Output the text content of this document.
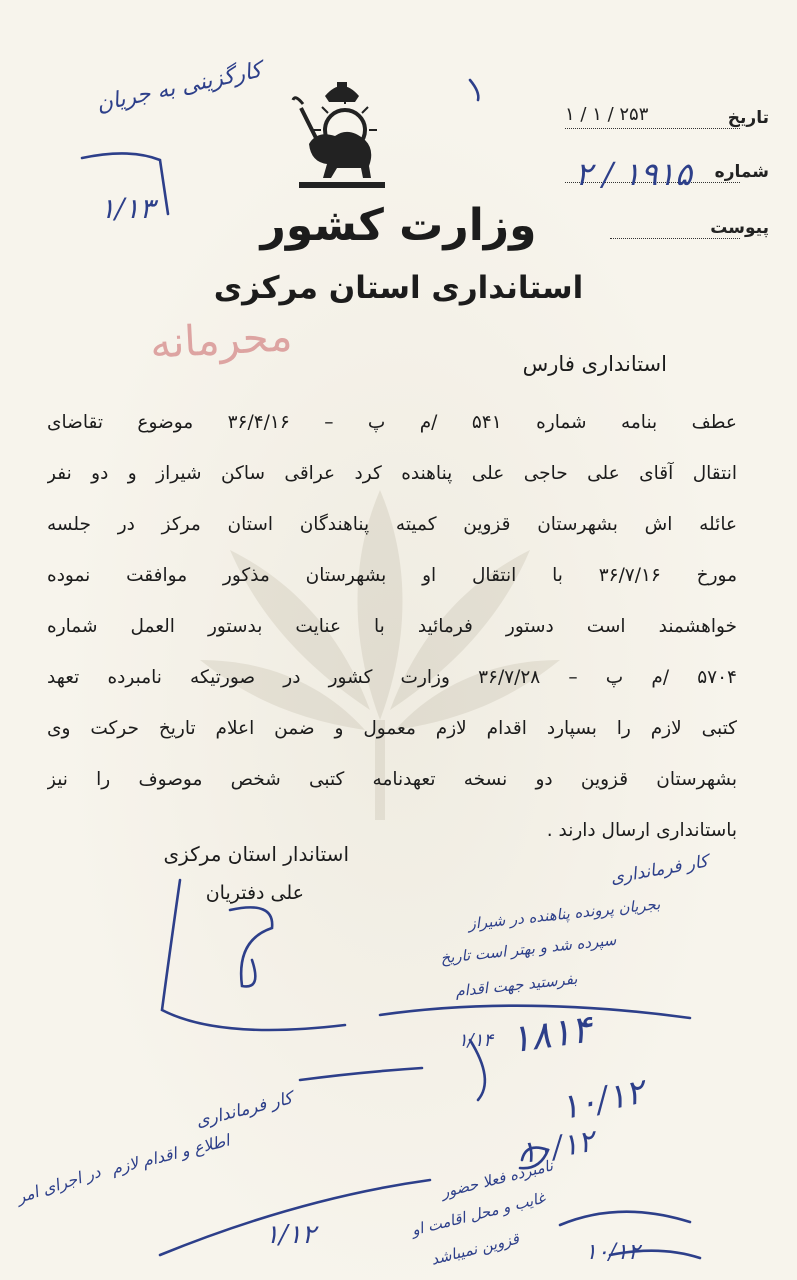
تاریخ
۲۵۳ / ۱ / ۱
شماره
۱۹۱۵ / ۲
پیوست
وزارت کشور
استانداری استان مرکزی
محرمانه	استانداری فارس
عطف بنامه شماره ۵۴۱ /م پ – ۳۶/۴/۱۶ موضوع تقاضای
انتقال آقای علی حاجی علی پناهنده کرد عراقی ساکن شیراز و دو نفر
عائله اش بشهرستان قزوین کمیته پناهندگان استان مرکز در جلسه
مورخ ۳۶/۷/۱۶ با انتقال او بشهرستان مذکور موافقت نموده
خواهشمند است دستور فرمائید با عنایت بدستور العمل شماره
۵۷۰۴ /م پ – ۳۶/۷/۲۸ وزارت کشور در صورتیکه نامبرده تعهد
کتبی لازم را بسپارد اقدام لازم معمول و ضمن اعلام تاریخ حرکت وی
بشهرستان قزوین دو نسخه تعهدنامه کتبی شخص موصوف را نیز
باستانداری ارسال دارند .
استاندار استان مرکزی
علی دفتریان
کارگزینی به جریان
۱/۱۳
کار فرمانداری
بجریان پرونده پناهنده در شیراز
سپرده شد و بهتر است تاریخ
بفرستید جهت اقدام
۱۸۱۴
۱/۱۴
۱۰/۱۲
کار فرمانداری
اطلاع و اقدام لازم
در اجرای امر	نامبرده فعلا حضور
غایب و محل اقامت او
قزوین نمیباشد
۱/۱۲
۱۰/۱۲
۱۰/۱۲
